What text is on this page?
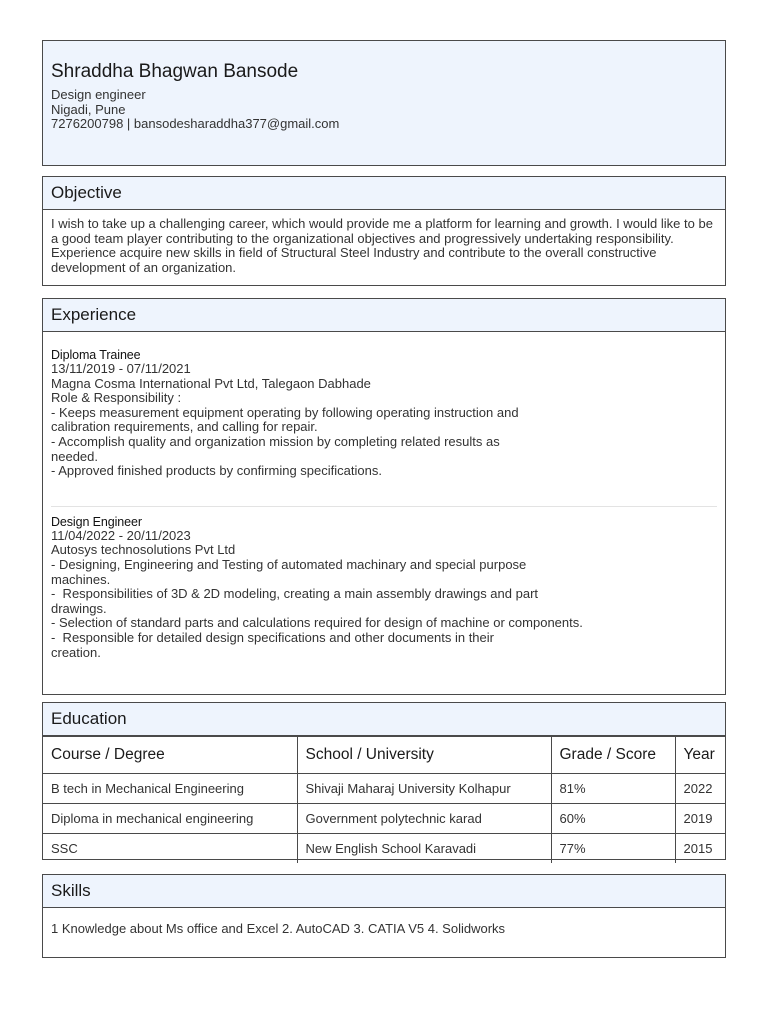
Shraddha Bhagwan Bansode
Design engineer
Nigadi, Pune
7276200798 | bansodesharaddha377@gmail.com
Objective
I wish to take up a challenging career, which would provide me a platform for learning and growth. I would like to be a good team player contributing to the organizational objectives and progressively undertaking responsibility. Experience acquire new skills in field of Structural Steel Industry and contribute to the overall constructive development of an organization.
Experience
Diploma Trainee
13/11/2019 - 07/11/2021
Magna Cosma International Pvt Ltd, Talegaon Dabhade
Role & Responsibility :
- Keeps measurement equipment operating by following operating instruction and
calibration requirements, and calling for repair.
- Accomplish quality and organization mission by completing related results as
needed.
- Approved finished products by confirming specifications.
Design Engineer
11/04/2022 - 20/11/2023
Autosys technosolutions Pvt Ltd
- Designing, Engineering and Testing of automated machinary and special purpose
machines.
-  Responsibilities of 3D & 2D modeling, creating a main assembly drawings and part
drawings.
- Selection of standard parts and calculations required for design of machine or components.
-  Responsible for detailed design specifications and other documents in their
creation.
Education
Course / Degree	School / University	Grade / Score	Year
B tech in Mechanical Engineering	Shivaji Maharaj University Kolhapur	81%	2022
Diploma in mechanical engineering	Government polytechnic karad	60%	2019
SSC	New English School Karavadi	77%	2015
Skills
1 Knowledge about Ms office and Excel 2. AutoCAD 3. CATIA V5 4. Solidworks
